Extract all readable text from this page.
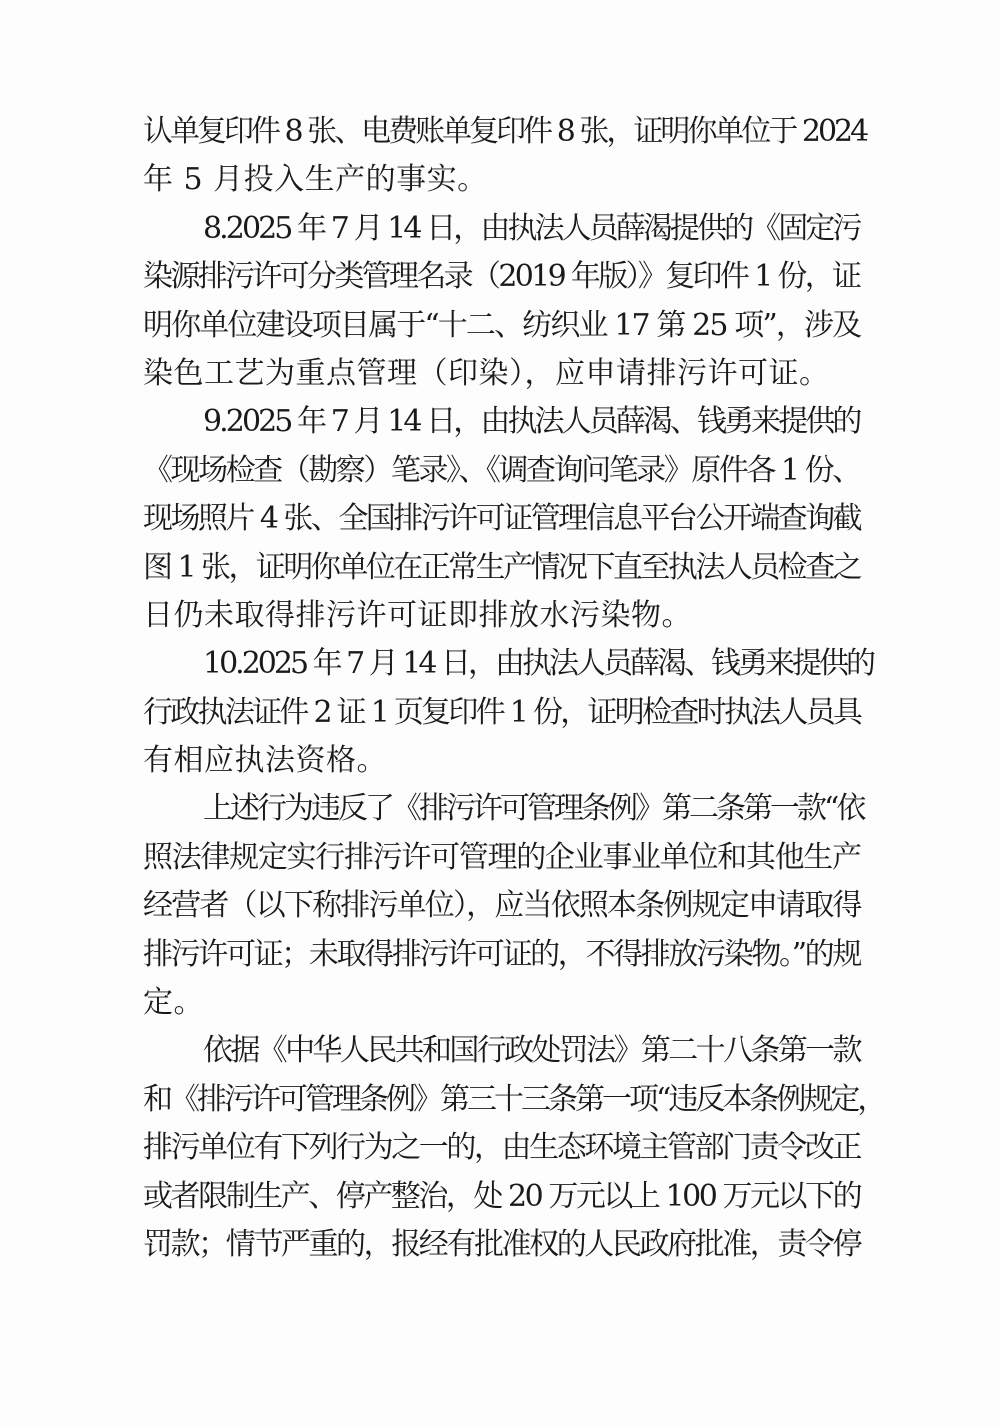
认单复印件 8 张、电费账单复印件 8 张，证明你单位于 2024
年 5 月投入生产的事实。

8.2025 年 7 月 14 日，由执法人员薛渴提供的《固定污
染源排污许可分类管理名录（2019 年版）》复印件 1 份，证
明你单位建设项目属于“十二、纺织业 17 第 25 项”，涉及
染色工艺为重点管理（印染），应申请排污许可证。

9.2025 年 7 月 14 日，由执法人员薛渴、钱勇来提供的
《现场检查（勘察）笔录》、《调查询问笔录》原件各 1 份、
现场照片 4 张、全国排污许可证管理信息平台公开端查询截
图 1 张，证明你单位在正常生产情况下直至执法人员检查之
日仍未取得排污许可证即排放水污染物。

10.2025 年 7 月 14 日，由执法人员薛渴、钱勇来提供的
行政执法证件 2 证 1 页复印件 1 份，证明检查时执法人员具
有相应执法资格。

上述行为违反了《排污许可管理条例》第二条第一款“依
照法律规定实行排污许可管理的企业事业单位和其他生产
经营者（以下称排污单位），应当依照本条例规定申请取得
排污许可证；未取得排污许可证的，不得排放污染物。”的规
定。

依据《中华人民共和国行政处罚法》第二十八条第一款
和《排污许可管理条例》第三十三条第一项“违反本条例规定，
排污单位有下列行为之一的，由生态环境主管部门责令改正
或者限制生产、停产整治，处 20 万元以上 100 万元以下的
罚款；情节严重的，报经有批准权的人民政府批准，责令停
